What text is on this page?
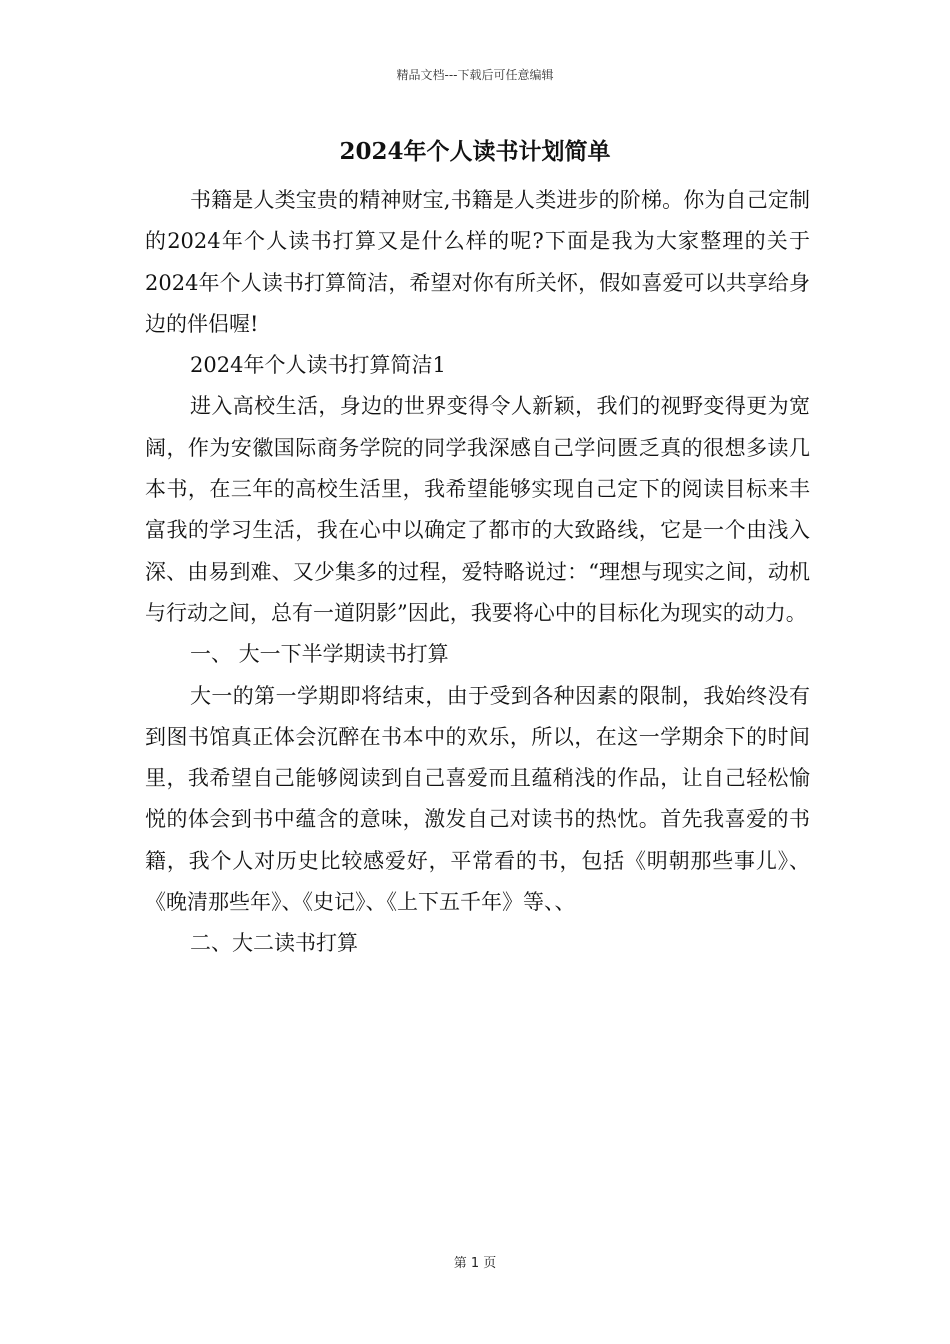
精品文档---下载后可任意编辑
2024年个人读书计划简单

书籍是人类宝贵的精神财宝,书籍是人类进步的阶梯。你为自己定制的2024年个人读书打算又是什么样的呢?下面是我为大家整理的关于2024年个人读书打算简洁，希望对你有所关怀，假如喜爱可以共享给身边的伴侣喔!

2024年个人读书打算简洁1

进入高校生活，身边的世界变得令人新颖，我们的视野变得更为宽阔，作为安徽国际商务学院的同学我深感自己学问匮乏真的很想多读几本书，在三年的高校生活里，我希望能够实现自己定下的阅读目标来丰富我的学习生活，我在心中以确定了都市的大致路线，它是一个由浅入深、由易到难、又少集多的过程，爱特略说过：“理想与现实之间，动机与行动之间，总有一道阴影”因此，我要将心中的目标化为现实的动力。

一、 大一下半学期读书打算

大一的第一学期即将结束，由于受到各种因素的限制，我始终没有到图书馆真正体会沉醉在书本中的欢乐，所以，在这一学期余下的时间里，我希望自己能够阅读到自己喜爱而且蕴稍浅的作品，让自己轻松愉悦的体会到书中蕴含的意味，激发自己对读书的热忱。首先我喜爱的书籍，我个人对历史比较感爱好，平常看的书，包括《明朝那些事儿》、《晚清那些年》、《史记》、《上下五千年》等、、

二、大二读书打算

第 1 页
